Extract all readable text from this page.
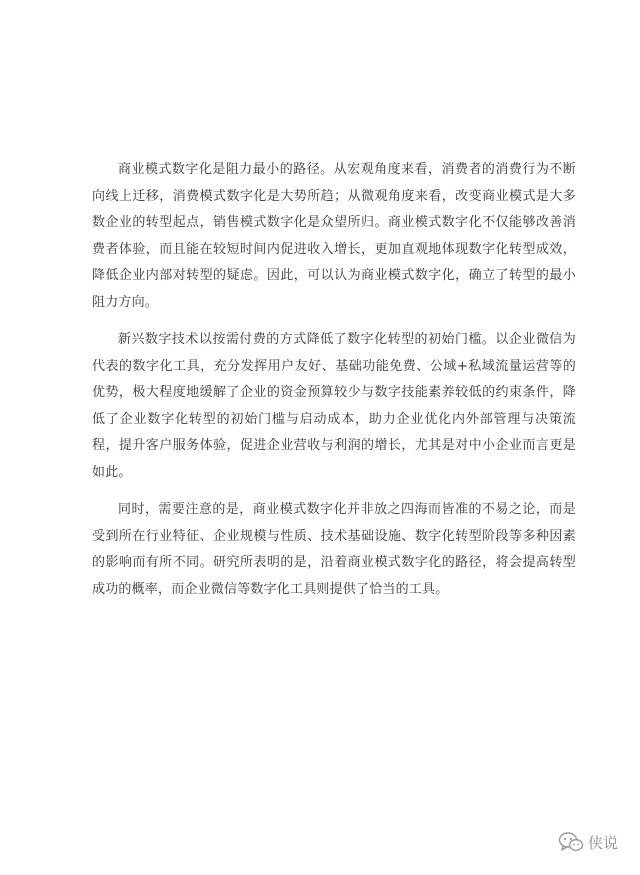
商业模式数字化是阻力最小的路径。从宏观角度来看，消费者的消费行为不断向线上迁移，消费模式数字化是大势所趋；从微观角度来看，改变商业模式是大多数企业的转型起点，销售模式数字化是众望所归。商业模式数字化不仅能够改善消费者体验，而且能在较短时间内促进收入增长，更加直观地体现数字化转型成效，降低企业内部对转型的疑虑。因此，可以认为商业模式数字化，确立了转型的最小阻力方向。

新兴数字技术以按需付费的方式降低了数字化转型的初始门槛。以企业微信为代表的数字化工具，充分发挥用户友好、基础功能免费、公域+私域流量运营等的优势，极大程度地缓解了企业的资金预算较少与数字技能素养较低的约束条件，降低了企业数字化转型的初始门槛与启动成本，助力企业优化内外部管理与决策流程，提升客户服务体验，促进企业营收与利润的增长，尤其是对中小企业而言更是如此。

同时，需要注意的是，商业模式数字化并非放之四海而皆准的不易之论，而是受到所在行业特征、企业规模与性质、技术基础设施、数字化转型阶段等多种因素的影响而有所不同。研究所表明的是，沿着商业模式数字化的路径，将会提高转型成功的概率，而企业微信等数字化工具则提供了恰当的工具。

侠说
